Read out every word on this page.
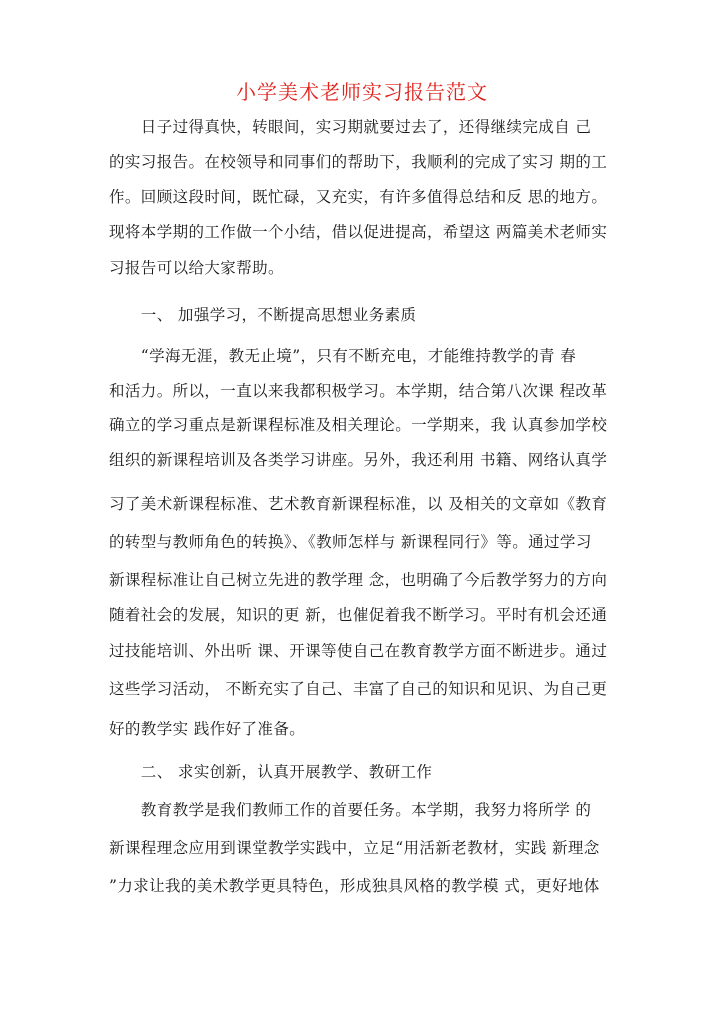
小学美术老师实习报告范文
　　日子过得真快，转眼间，实习期就要过去了，还得继续完成自 己
的实习报告。在校领导和同事们的帮助下，我顺利的完成了实习 期的工
作。回顾这段时间，既忙碌，又充实，有许多值得总结和反 思的地方。
现将本学期的工作做一个小结，借以促进提高，希望这 两篇美术老师实
习报告可以给大家帮助。
　　一、 加强学习，不断提高思想业务素质
　　“学海无涯，教无止境”，只有不断充电，才能维持教学的青 春
和活力。所以，一直以来我都积极学习。本学期，结合第八次课 程改革
确立的学习重点是新课程标准及相关理论。一学期来，我 认真参加学校
组织的新课程培训及各类学习讲座。另外，我还利用 书籍、网络认真学
习了美术新课程标准、艺术教育新课程标准，以 及相关的文章如《教育
的转型与教师角色的转换》、《教师怎样与 新课程同行》等。通过学习
新课程标准让自己树立先进的教学理 念，也明确了今后教学努力的方向
随着社会的发展，知识的更 新，也催促着我不断学习。平时有机会还通
过技能培训、外出听 课、开课等使自己在教育教学方面不断进步。通过
这些学习活动， 不断充实了自己、丰富了自己的知识和见识、为自己更
好的教学实 践作好了准备。
　　二、 求实创新，认真开展教学、教研工作
　　教育教学是我们教师工作的首要任务。本学期，我努力将所学 的
新课程理念应用到课堂教学实践中，立足“用活新老教材，实践 新理念
”力求让我的美术教学更具特色，形成独具风格的教学模 式，更好地体
